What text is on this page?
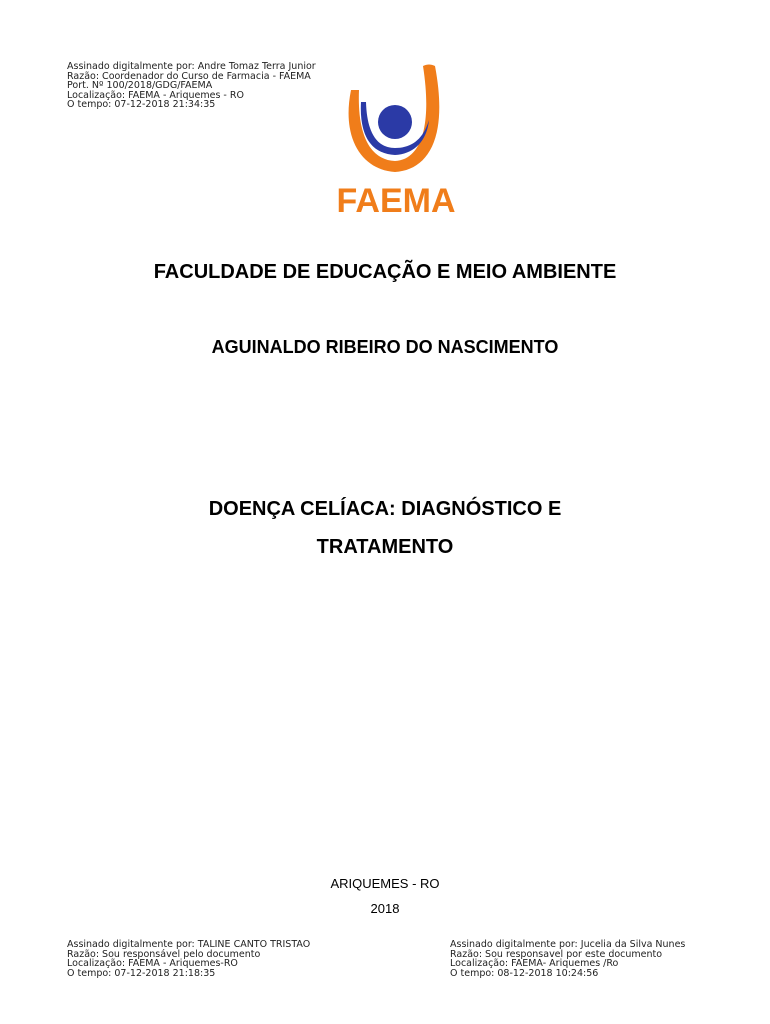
Assinado digitalmente por: Andre Tomaz Terra Junior
Razão: Coordenador do Curso de Farmacia - FAEMA
Port. Nº 100/2018/GDG/FAEMA
Localização: FAEMA - Ariquemes - RO
O tempo: 07-12-2018 21:34:35
FAEMA
FACULDADE DE EDUCAÇÃO E MEIO AMBIENTE
AGUINALDO RIBEIRO DO NASCIMENTO
DOENÇA CELÍACA: DIAGNÓSTICO E
TRATAMENTO
ARIQUEMES - RO
2018
Assinado digitalmente por: TALINE CANTO TRISTAO
Razão: Sou responsável pelo documento
Localização: FAEMA - Ariquemes-RO
O tempo: 07-12-2018 21:18:35
Assinado digitalmente por: Jucelia da Silva Nunes
Razão: Sou responsavel por este documento
Localização: FAEMA- Ariquemes /Ro
O tempo: 08-12-2018 10:24:56
